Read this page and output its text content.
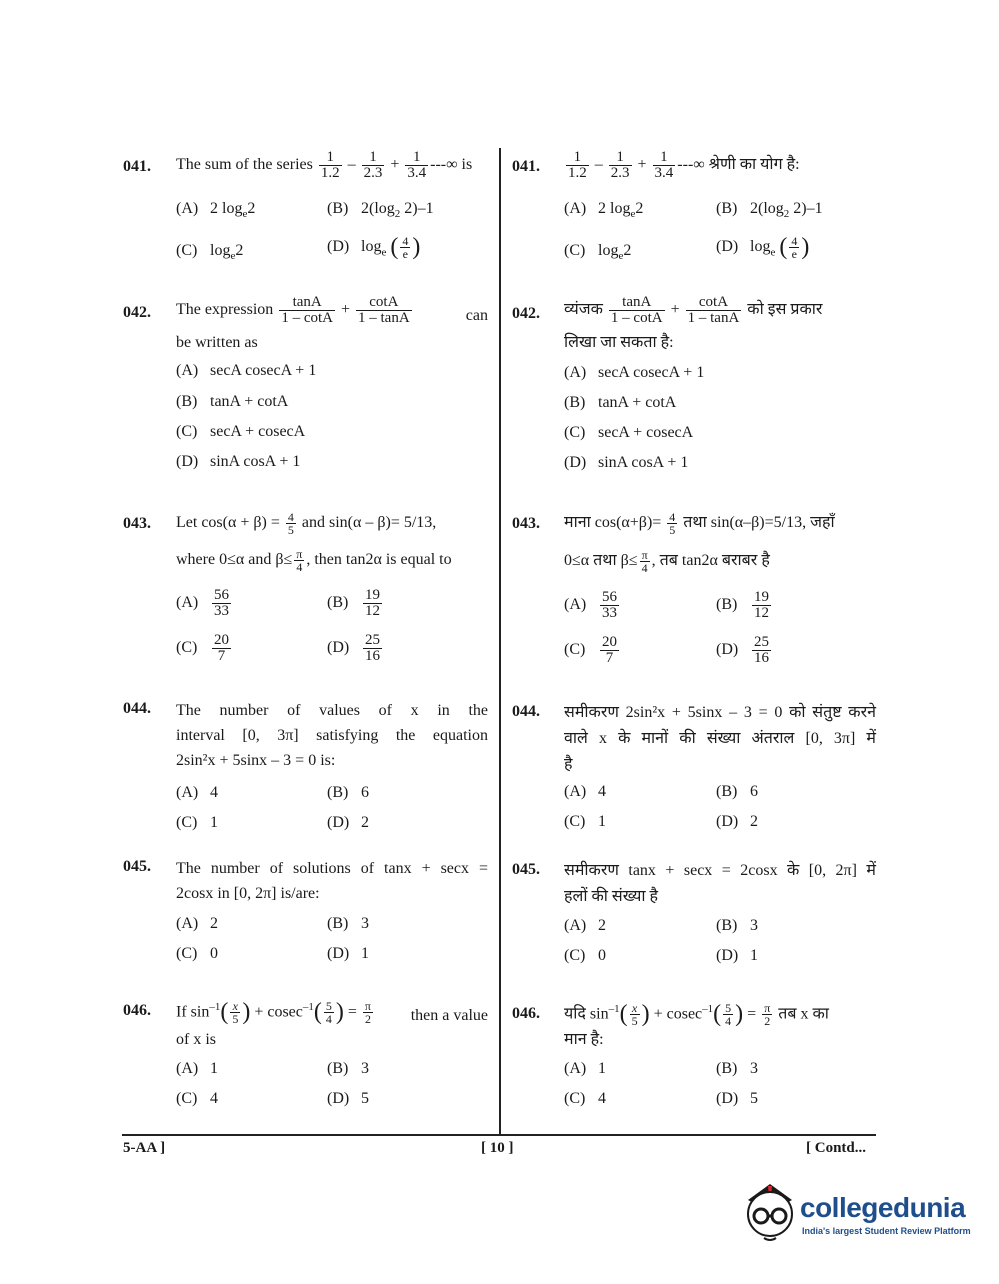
041. The sum of the series $\frac{1}{1.2} - \frac{1}{2.3} + \frac{1}{3.4}$ ---∞ is
(A) 2 $\log_e2$	(B) $2(\log_2$ 2)–1
(C) $\log_e2$	(D) $\log_e$ ( $\frac{4}{e}$ )
042. The expression $\frac{\tan A}{1 - \cot A} + \frac{\cot A}{1 - \tan A}$	can
be written as
(A) secA cosecA + 1
(B) tanA + cotA
(C) secA + cosecA
(D) sinA cosA + 1
043. Let $\cos(\alpha + \beta) = \frac{4}{5}$ and sin(α – β)= 5/13,
where 0≤α and $\beta\le \frac{\pi}{4}$ , then tan2α is equal to
$(A) \frac{56}{33}$	$(B) \frac{19}{12}$
$(C) \frac{20}{7}$	$(D) \frac{25}{16}$
044. The number of values of x in the
interval [0, 3π] satisfying the equation
2sin²x + 5sinx – 3 = 0 is:
(A) 4	(B) 6
(C) 1	(D) 2
045. The number of solutions of tanx + secx =
2cosx in [0, 2π] is/are:
(A) 2	(B) 3
(C) 0	(D) 1
046. If $\sin^{-1}( \frac{x}{5}$ ) + $cosec^{-1}( \frac{5}{4}$ ) = $\frac{\pi}{2}$ then a value
of x is
(A) 1	(B) 3
(C) 4	(D) 5
041. $\frac{1}{1.2} - \frac{1}{2.3} + \frac{1}{3.4}$ ---∞ श्रेणी का योग है:
(A) 2 $\log_e2$	(B) $2(\log_2$ 2)–1
(C) $\log_e2$	(D) $\log_e$ ( $\frac{4}{e}$ )
042. व्यंजक $\frac{\tan A}{1 - \cot A} + \frac{\cot A}{1 - \tan A}$ को इस प्रकार
लिखा जा सकता है:
(A) secA cosecA + 1
(B) tanA + cotA
(C) secA + cosecA
(D) sinA cosA + 1
043. माना $\cos(\alpha+\beta)= \frac{4}{5}$ तथा sin(α–β)=5/13, जहाँ
0≤α तथा $\beta\le \frac{\pi}{4}$ , तब tan2α बराबर है
$(A) \frac{56}{33}$	$(B) \frac{19}{12}$
$(C) \frac{20}{7}$	$(D) \frac{25}{16}$
044. समीकरण 2sin²x + 5sinx – 3 = 0 को संतुष्ट करने
वाले x के मानों की संख्या अंतराल [0, 3π] में
है
(A) 4	(B) 6
(C) 1	(D) 2
045. समीकरण tanx + secx = 2cosx के [0, 2π] में
हलों की संख्या है
(A) 2	(B) 3
(C) 0	(D) 1
046. यदि $\sin^{-1}( \frac{x}{5}$ ) + $cosec^{-1}( \frac{5}{4}$ ) = $\frac{\pi}{2}$ तब x का
मान है:
(A) 1	(B) 3
(C) 4	(D) 5
5-AA ]	[ 10 ]	[ Contd...
collegedunia
India's largest Student Review Platform
